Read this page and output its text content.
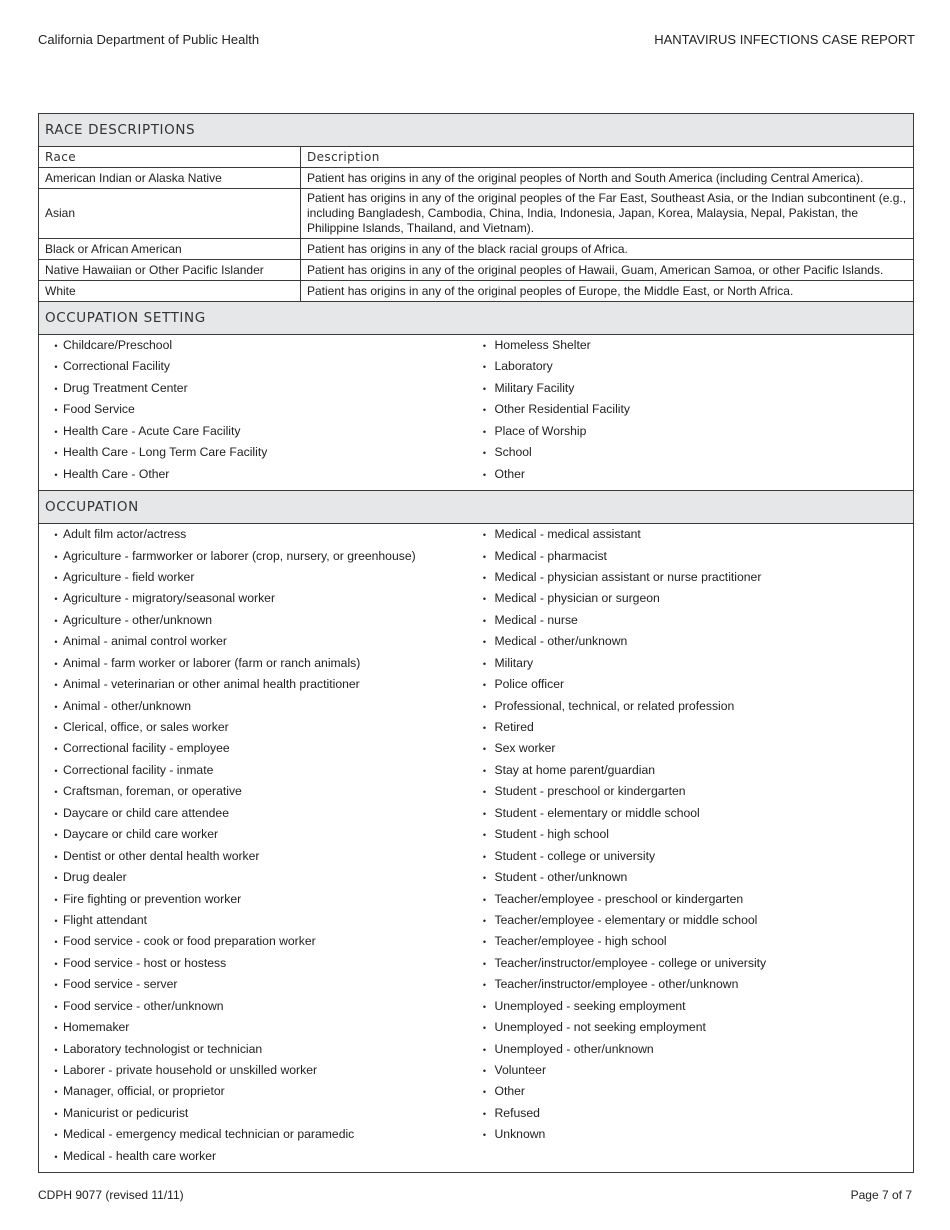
California Department of Public Health	HANTAVIRUS INFECTIONS CASE REPORT
RACE DESCRIPTIONS
Race	Description
American Indian or Alaska Native	Patient has origins in any of the original peoples of North and South America (including Central America).
Asian	Patient has origins in any of the original peoples of the Far East, Southeast Asia, or the Indian subcontinent (e.g., including Bangladesh, Cambodia, China, India, Indonesia, Japan, Korea, Malaysia, Nepal, Pakistan, the Philippine Islands, Thailand, and Vietnam).
Black or African American	Patient has origins in any of the black racial groups of Africa.
Native Hawaiian or Other Pacific Islander	Patient has origins in any of the original peoples of Hawaii, Guam, American Samoa, or other Pacific Islands.
White	Patient has origins in any of the original peoples of Europe, the Middle East, or North Africa.
OCCUPATION SETTING
• Childcare/Preschool
• Correctional Facility
• Drug Treatment Center
• Food Service
• Health Care - Acute Care Facility
• Health Care - Long Term Care Facility
• Health Care - Other
• Homeless Shelter
• Laboratory
• Military Facility
• Other Residential Facility
• Place of Worship
• School
• Other
OCCUPATION
• Adult film actor/actress
• Agriculture - farmworker or laborer (crop, nursery, or greenhouse)
• Agriculture - field worker
• Agriculture - migratory/seasonal worker
• Agriculture - other/unknown
• Animal - animal control worker
• Animal - farm worker or laborer (farm or ranch animals)
• Animal - veterinarian or other animal health practitioner
• Animal - other/unknown
• Clerical, office, or sales worker
• Correctional facility - employee
• Correctional facility - inmate
• Craftsman, foreman, or operative
• Daycare or child care attendee
• Daycare or child care worker
• Dentist or other dental health worker
• Drug dealer
• Fire fighting or prevention worker
• Flight attendant
• Food service - cook or food preparation worker
• Food service - host or hostess
• Food service - server
• Food service - other/unknown
• Homemaker
• Laboratory technologist or technician
• Laborer - private household or unskilled worker
• Manager, official, or proprietor
• Manicurist or pedicurist
• Medical - emergency medical technician or paramedic
• Medical - health care worker
• Medical - medical assistant
• Medical - pharmacist
• Medical - physician assistant or nurse practitioner
• Medical - physician or surgeon
• Medical - nurse
• Medical - other/unknown
• Military
• Police officer
• Professional, technical, or related profession
• Retired
• Sex worker
• Stay at home parent/guardian
• Student - preschool or kindergarten
• Student - elementary or middle school
• Student - high school
• Student - college or university
• Student - other/unknown
• Teacher/employee - preschool or kindergarten
• Teacher/employee - elementary or middle school
• Teacher/employee - high school
• Teacher/instructor/employee - college or university
• Teacher/instructor/employee - other/unknown
• Unemployed - seeking employment
• Unemployed - not seeking employment
• Unemployed - other/unknown
• Volunteer
• Other
• Refused
• Unknown
CDPH 9077 (revised 11/11)	Page 7 of 7
